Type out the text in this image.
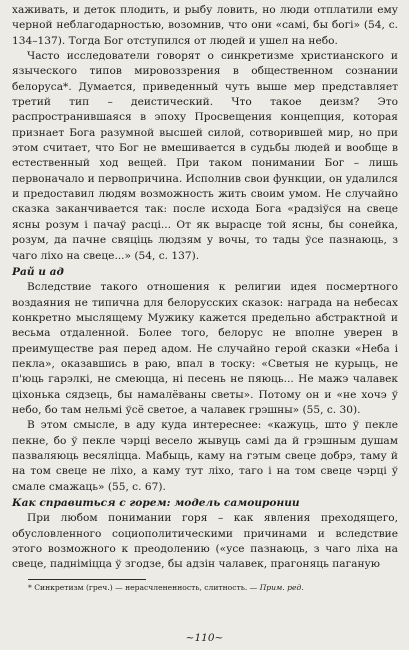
хаживать, и деток плодить, и рыбу ловить, но люди отплатили ему черной неблагодарностью, возомнив, что они «самі, бы богі» (54, с. 134–137). Тогда Бог отступился от людей и ушел на небо.

Часто исследователи говорят о синкретизме христианского и языческого типов мировоззрения в общественном сознании белоруса*. Думается, приведенный чуть выше мер представляет третий тип – деистический. Что такое деизм? Это распространившаяся в эпоху Просвещения концепция, которая признает Бога разумной высшей силой, сотворившей мир, но при этом считает, что Бог не вмешивается в судьбы людей и вообще в естественный ход вещей. При таком понимании Бог – лишь первоначало и первопричина. Исполнив свои функции, он удалился и предоставил людям возможность жить своим умом. Не случайно сказка заканчивается так: после исхода Бога «радзіўся на свеце ясны розум і пачаў расці... От як вырасце той ясны, бы сонейка, розум, да пачне свяціць людзям у вочы, то тады ўсе пазнаюць, з чаго ліхо на свеце...» (54, с. 137).

Рай и ад

Вследствие такого отношения к религии идея посмертного воздаяния не типична для белорусских сказок: награда на небесах конкретно мыслящему Мужику кажется предельно абстрактной и весьма отдаленной. Более того, белорус не вполне уверен в преимуществе рая перед адом. Не случайно герой сказки «Неба і пекла», оказавшись в раю, впал в тоску: «Светыя не курыць, не п'юць гарэлкі, не смеюцца, ні песень не пяюць... Не мажэ чалавек ціхонька сядзець, бы намалёваны светы». Потому он и «не хочэ ў небо, бо там нельмі ўсё светое, а чалавек грэшны» (55, с. 30).

В этом смысле, в аду куда интереснее: «кажуць, што ў пекле пекне, бо ў пекле чэрці весело жывуць самі да й грэшным душам пазваляюць весяліцца. Мабыць, каму на гэтым свеце добрэ, таму й на том свеце не ліхо, а каму тут ліхо, таго і на том свеце чэрці ў смале смажаць» (55, с. 67).

Как справиться с горем: модель самоиронии

При любом понимании горя – как явления преходящего, обусловленного социополитическими причинами и вследствие этого возможного к преодолению («усе пазнаюць, з чаго ліха на свеце, падніміцца ў згодзе, бы адзін чалавек, прагоняць паганую

* Синкретизм (греч.) — нерасчлененность, слитность. — Прим. ред.

~110~
